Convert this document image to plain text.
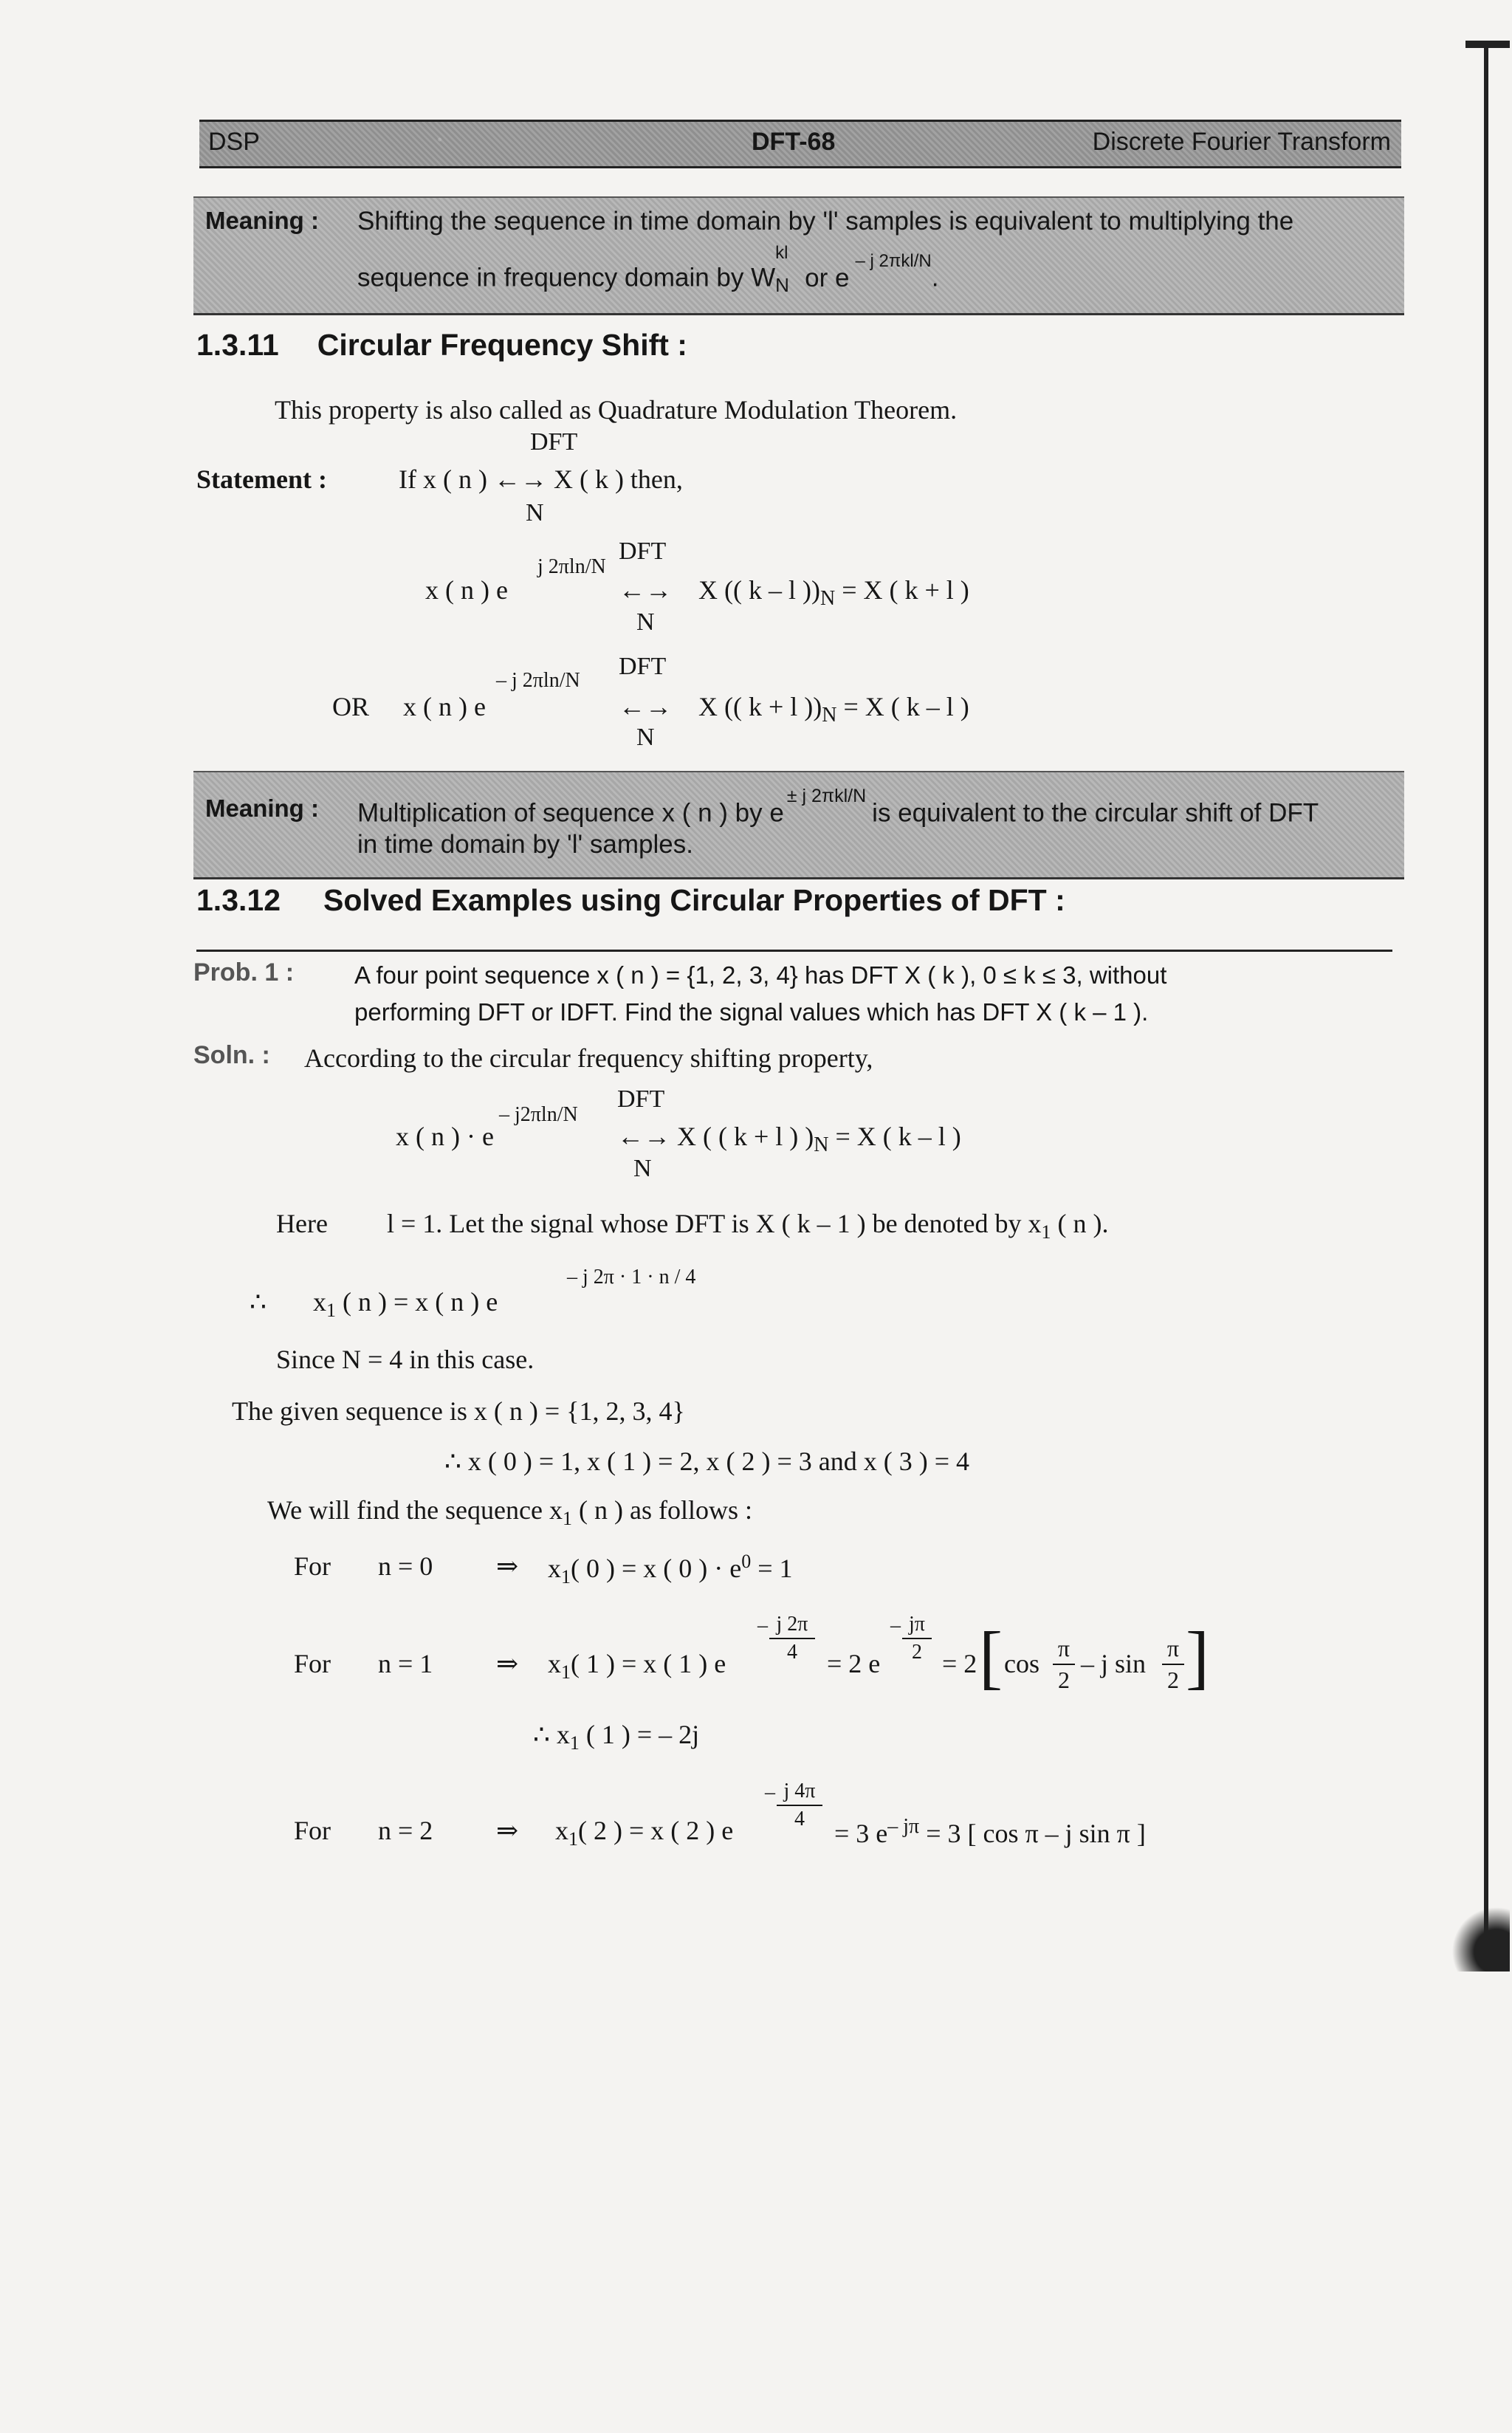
DSP	DFT-68	Discrete Fourier Transform
Meaning : Shifting the sequence in time domain by 'l' samples is equivalent to multiplying the
sequence in frequency domain by W
kl
N or $e^{- j 2\pi kl/N}$.
1.3.11 Circular Frequency Shift :
This property is also called as Quadrature Modulation Theorem.
Statement :
DFT
If x ( n ) ←→ X ( k ) then,
N
j 2πln/N
DFT
x ( n ) e	←→ X (( k – l ))$_N = X$ ( k + l )
N
– j 2πln/N
DFT
OR x ( n ) e	←→ X (( k + l ))$_N = X$ ( k – l )
N
Meaning : Multiplication of sequence x ( n ) by $e^{\pm j 2\pi kl/N}is$ equivalent to the circular shift of DFT
in time domain by 'l' samples.
1.3.12 Solved Examples using Circular Properties of DFT :
Prob. 1 : A four point sequence x ( n ) = {1, 2, 3, 4} has DFT X ( k ), 0 ≤ k ≤ 3, without
performing DFT or IDFT. Find the signal values which has DFT X ( k – 1 ).
Soln. : According to the circular frequency shifting property,
– j2πln/N
DFT
x ( n ) · e	←→ X ( ( k + l ) )$_N = X$ ( k – l )
N
Here l = 1. Let the signal whose DFT is X ( k – 1 ) be denoted by $x_1$ ( n ).
∴ $x_1$ ( n ) = x ( n ) e
– j 2π · 1 · n / 4
Since N = 4 in this case.
The given sequence is x ( n ) = {1, 2, 3, 4}
∴ x ( 0 ) = 1, x ( 1 ) = 2, x ( 2 ) = 3 and x ( 3 ) = 4
We will find the sequence $x_1$ ( n ) as follows :
For n = 0 ⇒ $x_1$( 0 ) = x ( 0 ) · $e^0 = 1$
For n = 1 ⇒ $x_1$( 1 ) = x ( 1 ) e
– j 2π
4	= 2 e
– jπ
2 = 2 [ cos
π
2
– j sin
π
2 ]
∴ $x_1$ ( 1 ) = – 2j
For n = 2 ⇒ $x_1$( 2 ) = x ( 2 ) e
– j 4π
4	= 3 $e^{- j\pi} = 3$ [ cos π – j sin π ]
